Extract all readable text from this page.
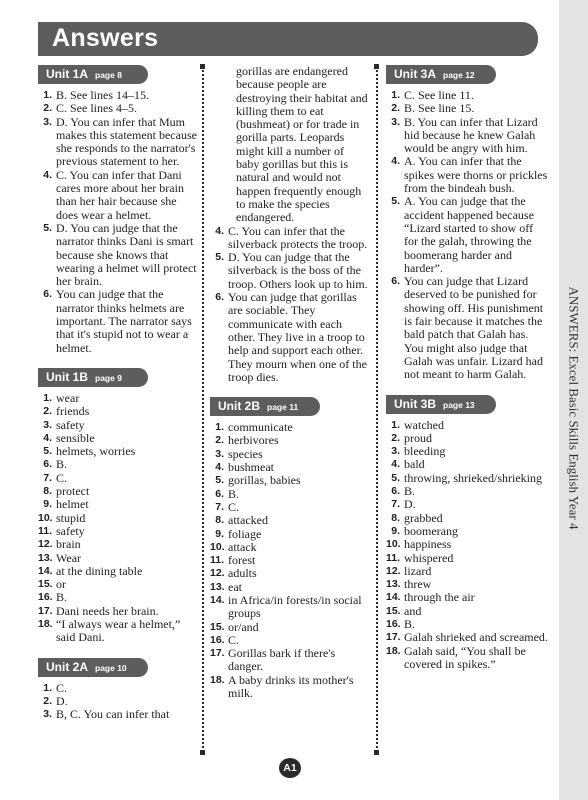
Answers
ANSWERS: Excel Basic Skills English Year 4
Unit 1A page 8
1. B. See lines 14–15.
2. C. See lines 4–5.
3. D. You can infer that Mum makes this statement because she responds to the narrator's previous statement to her.
4. C. You can infer that Dani cares more about her brain than her hair because she does wear a helmet.
5. D. You can judge that the narrator thinks Dani is smart because she knows that wearing a helmet will protect her brain.
6. You can judge that the narrator thinks helmets are important. The narrator says that it's stupid not to wear a helmet.
Unit 1B page 9
1. wear
2. friends
3. safety
4. sensible
5. helmets, worries
6. B.
7. C.
8. protect
9. helmet
10. stupid
11. safety
12. brain
13. Wear
14. at the dining table
15. or
16. B.
17. Dani needs her brain.
18. “I always wear a helmet,” said Dani.
Unit 2A page 10
1. C.
2. D.
3. B, C. You can infer that
gorillas are endangered because people are destroying their habitat and killing them to eat (bushmeat) or for trade in gorilla parts. Leopards might kill a number of baby gorillas but this is natural and would not happen frequently enough to make the species endangered.
4. C. You can infer that the silverback protects the troop.
5. D. You can judge that the silverback is the boss of the troop. Others look up to him.
6. You can judge that gorillas are sociable. They communicate with each other. They live in a troop to help and support each other. They mourn when one of the troop dies.
Unit 2B page 11
1. communicate
2. herbivores
3. species
4. bushmeat
5. gorillas, babies
6. B.
7. C.
8. attacked
9. foliage
10. attack
11. forest
12. adults
13. eat
14. in Africa/in forests/in social groups
15. or/and
16. C.
17. Gorillas bark if there's danger.
18. A baby drinks its mother's milk.
Unit 3A page 12
1. C. See line 11.
2. B. See line 15.
3. B. You can infer that Lizard hid because he knew Galah would be angry with him.
4. A. You can infer that the spikes were thorns or prickles from the bindeah bush.
5. A. You can judge that the accident happened because “Lizard started to show off for the galah, throwing the boomerang harder and harder”.
6. You can judge that Lizard deserved to be punished for showing off. His punishment is fair because it matches the bald patch that Galah has. You might also judge that Galah was unfair. Lizard had not meant to harm Galah.
Unit 3B page 13
1. watched
2. proud
3. bleeding
4. bald
5. throwing, shrieked/shrieking
6. B.
7. D.
8. grabbed
9. boomerang
10. happiness
11. whispered
12. lizard
13. threw
14. through the air
15. and
16. B.
17. Galah shrieked and screamed.
18. Galah said, “You shall be covered in spikes.”
A1
